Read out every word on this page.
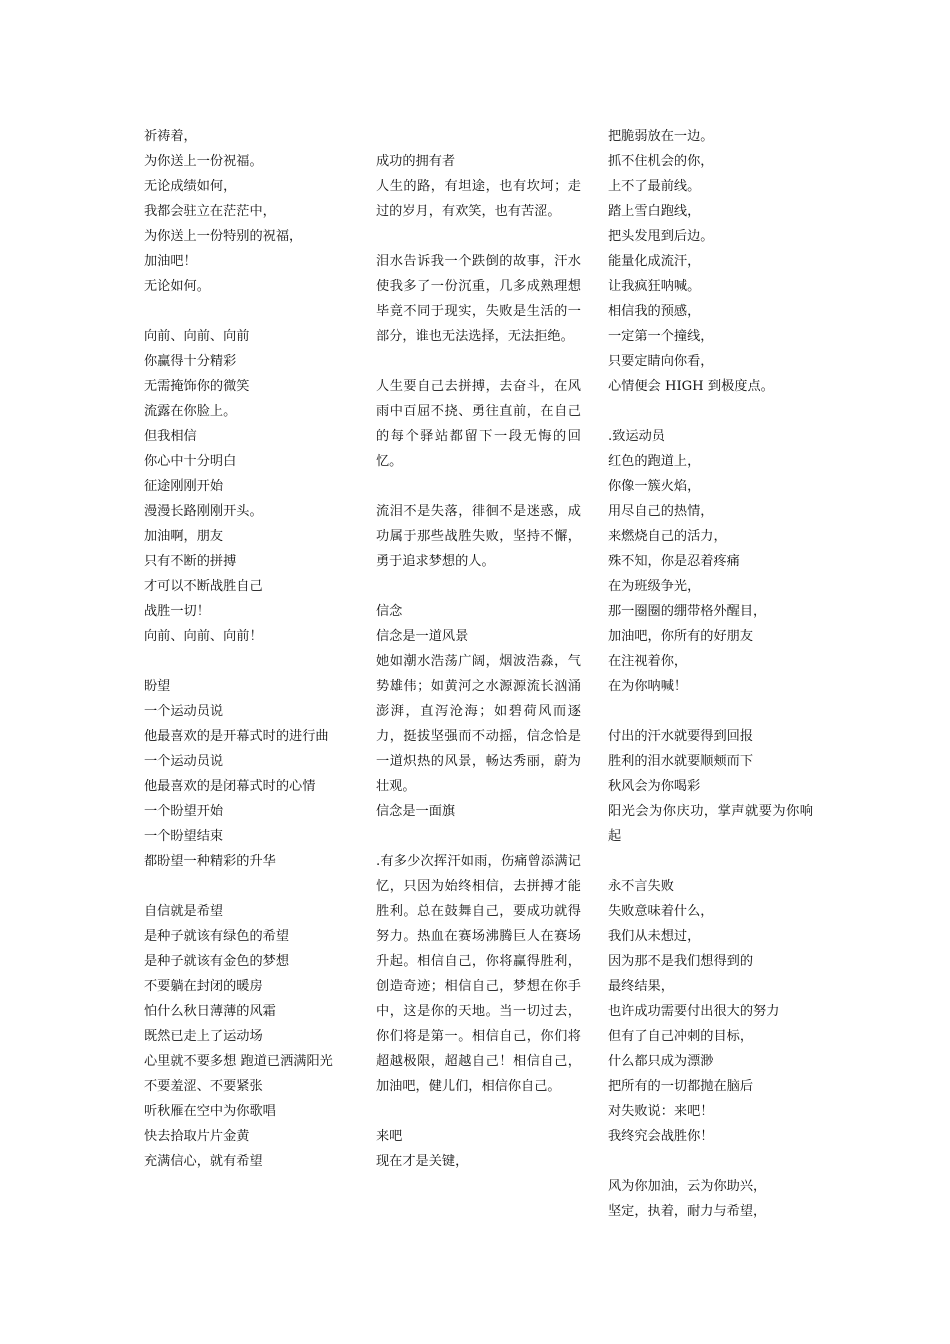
祈祷着，
为你送上一份祝福。
无论成绩如何，
我都会驻立在茫茫中，
为你送上一份特别的祝福，
加油吧！
无论如何。
向前、向前、向前
你赢得十分精彩
无需掩饰你的微笑
流露在你脸上。
但我相信
你心中十分明白
征途刚刚开始
漫漫长路刚刚开头。
加油啊，朋友
只有不断的拼搏
才可以不断战胜自己
战胜一切！
向前、向前、向前！
盼望
一个运动员说
他最喜欢的是开幕式时的进行曲
一个运动员说
他最喜欢的是闭幕式时的心情
一个盼望开始
一个盼望结束
都盼望一种精彩的升华
自信就是希望
是种子就该有绿色的希望
是种子就该有金色的梦想
不要躺在封闭的暖房
怕什么秋日薄薄的风霜
既然已走上了运动场
心里就不要多想 跑道已洒满阳光
不要羞涩、不要紧张
听秋雁在空中为你歌唱
快去拾取片片金黄
充满信心，就有希望
成功的拥有者
人生的路，有坦途，也有坎坷；走过的岁月，有欢笑，也有苦涩。
泪水告诉我一个跌倒的故事，汗水使我多了一份沉重，几多成熟理想毕竟不同于现实，失败是生活的一部分，谁也无法选择，无法拒绝。
人生要自己去拼搏，去奋斗，在风雨中百屈不挠、勇往直前，在自己的每个驿站都留下一段无悔的回忆。
流泪不是失落，徘徊不是迷惑，成功属于那些战胜失败，坚持不懈，勇于追求梦想的人。
信念
信念是一道风景
她如潮水浩荡广阔，烟波浩淼，气势雄伟；如黄河之水源源流长汹涌澎湃，直泻沧海；如碧荷风而逐力，挺拔坚强而不动摇，信念恰是一道炽热的风景，畅达秀丽，蔚为壮观。
信念是一面旗
.有多少次挥汗如雨，伤痛曾添满记忆，只因为始终相信，去拼搏才能胜利。总在鼓舞自己，要成功就得努力。热血在赛场沸腾巨人在赛场升起。相信自己，你将赢得胜利，创造奇迹；相信自己，梦想在你手中，这是你的天地。当一切过去，你们将是第一。相信自己，你们将超越极限，超越自己！相信自己，加油吧，健儿们，相信你自己。
来吧
现在才是关键，
把脆弱放在一边。
抓不住机会的你，
上不了最前线。
踏上雪白跑线，
把头发甩到后边。
能量化成流汗，
让我疯狂呐喊。
相信我的预感，
一定第一个撞线，
只要定睛向你看，
心情便会 HIGH 到极度点。
.致运动员
红色的跑道上，
你像一簇火焰，
用尽自己的热情，
来燃烧自己的活力，
殊不知，你是忍着疼痛
在为班级争光，
那一圈圈的绷带格外醒目，
加油吧，你所有的好朋友
在注视着你，
在为你呐喊！
付出的汗水就要得到回报
胜利的泪水就要顺颊而下
秋风会为你喝彩
阳光会为你庆功，掌声就要为你响起
永不言失败
失败意味着什么，
我们从未想过，
因为那不是我们想得到的
最终结果，
也许成功需要付出很大的努力
但有了自己冲刺的目标，
什么都只成为漂渺
把所有的一切都抛在脑后
对失败说：来吧！
我终究会战胜你！
风为你加油，云为你助兴，
坚定，执着，耐力与希望，
